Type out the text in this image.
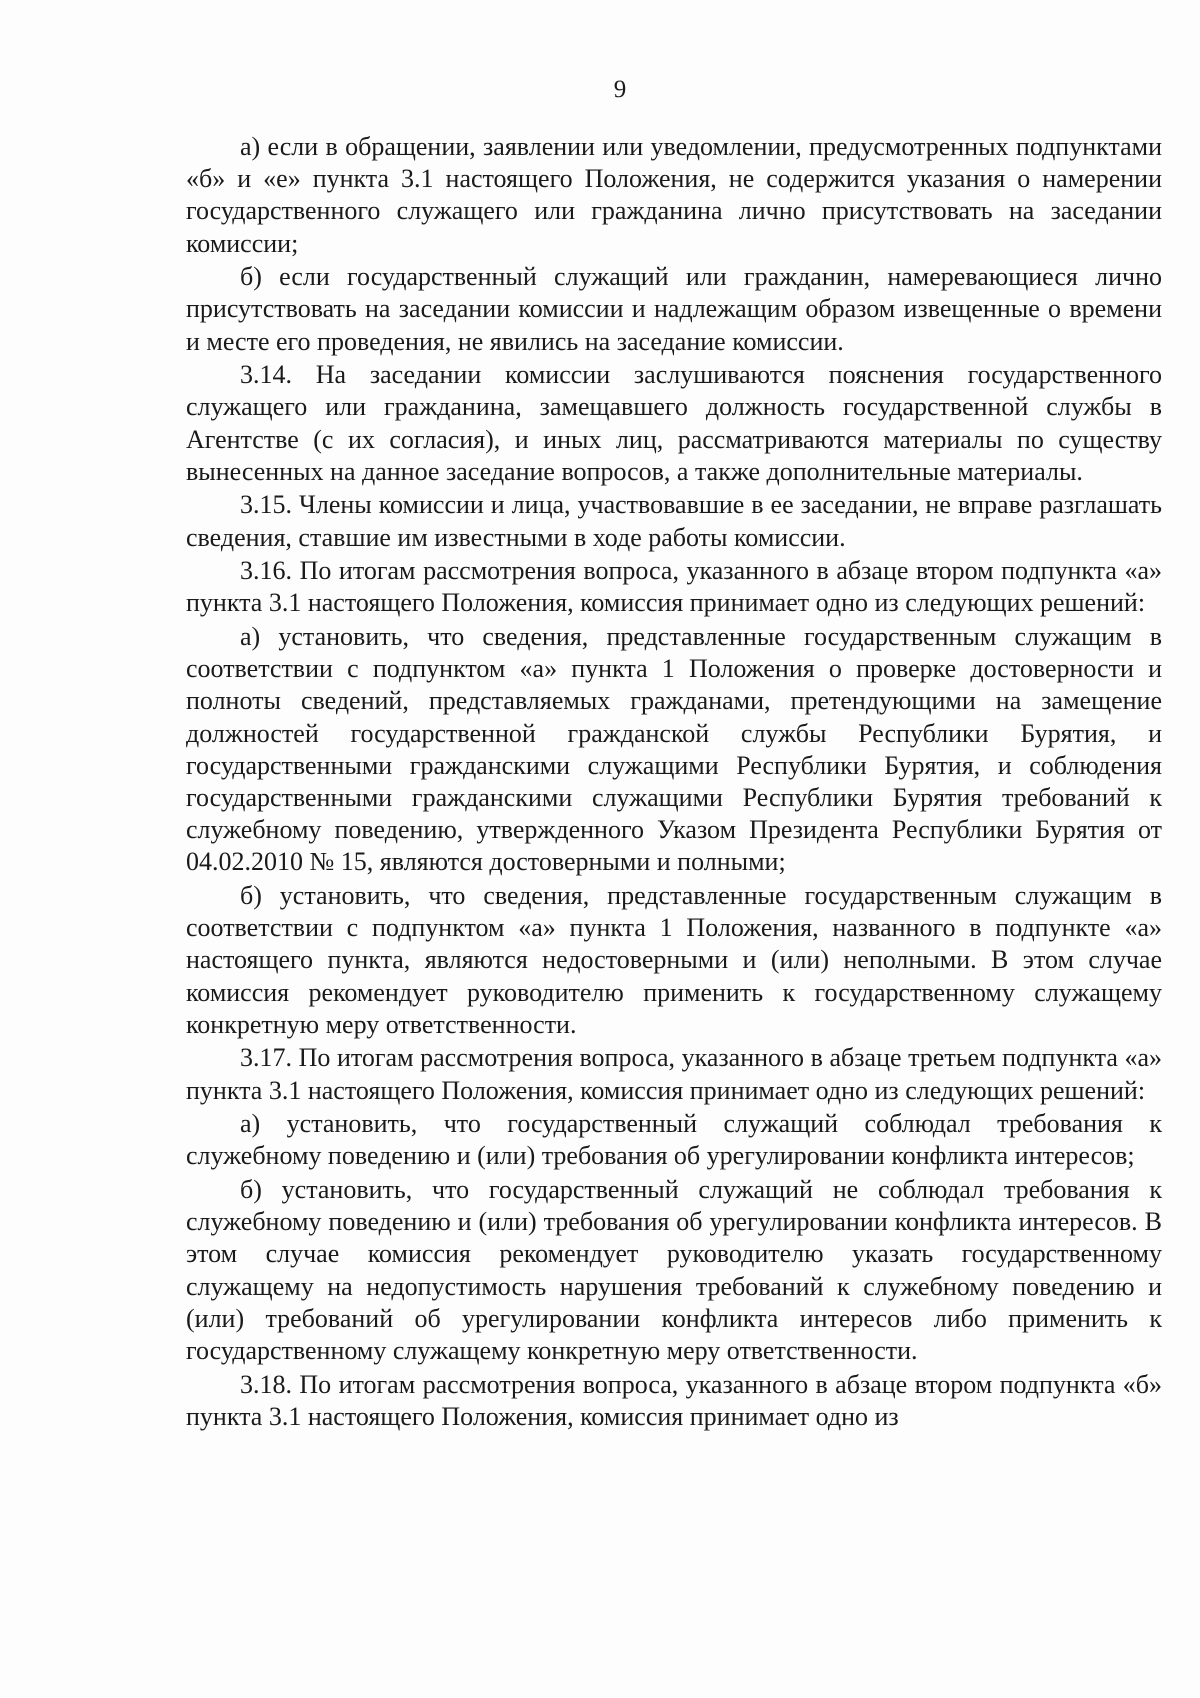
9

а) если в обращении, заявлении или уведомлении, предусмотренных подпунктами «б» и «е» пункта 3.1 настоящего Положения, не содержится указания о намерении государственного служащего или гражданина лично присутствовать на заседании комиссии;

б) если государственный служащий или гражданин, намеревающиеся лично присутствовать на заседании комиссии и надлежащим образом извещенные о времени и месте его проведения, не явились на заседание комиссии.

3.14. На заседании комиссии заслушиваются пояснения государственного служащего или гражданина, замещавшего должность государственной службы в Агентстве (с их согласия), и иных лиц, рассматриваются материалы по существу вынесенных на данное заседание вопросов, а также дополнительные материалы.

3.15. Члены комиссии и лица, участвовавшие в ее заседании, не вправе разглашать сведения, ставшие им известными в ходе работы комиссии.

3.16. По итогам рассмотрения вопроса, указанного в абзаце втором подпункта «а» пункта 3.1 настоящего Положения, комиссия принимает одно из следующих решений:

а) установить, что сведения, представленные государственным служащим в соответствии с подпунктом «а» пункта 1 Положения о проверке достоверности и полноты сведений, представляемых гражданами, претендующими на замещение должностей государственной гражданской службы Республики Бурятия, и государственными гражданскими служащими Республики Бурятия, и соблюдения государственными гражданскими служащими Республики Бурятия требований к служебному поведению, утвержденного Указом Президента Республики Бурятия от 04.02.2010 № 15, являются достоверными и полными;

б) установить, что сведения, представленные государственным служащим в соответствии с подпунктом «а» пункта 1 Положения, названного в подпункте «а» настоящего пункта, являются недостоверными и (или) неполными. В этом случае комиссия рекомендует руководителю применить к государственному служащему конкретную меру ответственности.

3.17. По итогам рассмотрения вопроса, указанного в абзаце третьем подпункта «а» пункта 3.1 настоящего Положения, комиссия принимает одно из следующих решений:

а) установить, что государственный служащий соблюдал требования к служебному поведению и (или) требования об урегулировании конфликта интересов;

б) установить, что государственный служащий не соблюдал требования к служебному поведению и (или) требования об урегулировании конфликта интересов. В этом случае комиссия рекомендует руководителю указать государственному служащему на недопустимость нарушения требований к служебному поведению и (или) требований об урегулировании конфликта интересов либо применить к государственному служащему конкретную меру ответственности.

3.18. По итогам рассмотрения вопроса, указанного в абзаце втором подпункта «б» пункта 3.1 настоящего Положения, комиссия принимает одно из
